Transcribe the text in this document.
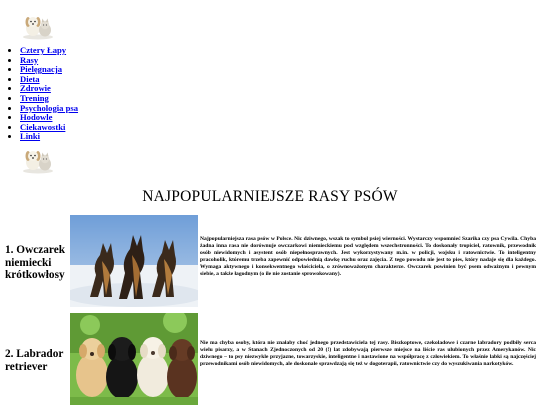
• Cztery Łapy
• Rasy
• Pielęgnacja
• Dieta
• Zdrowie
• Trening
• Psychologia psa
• Hodowle
• Ciekawostki
• Linki
NAJPOPULARNIEJSZE RASY PSÓW
1. Owczarek niemiecki krótkowłosy

Najpopularniejsza rasa psów w Polsce. Nic dziwnego, wszak to symbol psiej wierności. Wystarczy wspomnieć Szarika czy psa Cywila. Chyba żadna inna rasa nie dorównuje owczarkowi niemieckiemu pod względem wszechstronności. To doskonały tropiciel, ratownik, przewodnik osób niewidomych i asystent osób niepełnosprawnych. Jest wykorzystywany m.in. w policji, wojsku i ratownictwie. To inteligentny pracoholik, któremu trzeba zapewnić odpowiednią dawkę ruchu oraz zajęcia. Z tego powodu nie jest to pies, który nadaje się dla każdego. Wymaga aktywnego i konsekwentnego właściciela, o zrównoważonym charakterze. Owczarek powinien być psem odważnym i pewnym siebie, a także łagodnym (o ile nie zostanie sprowokowany).

2. Labrador retriever

Nie ma chyba osoby, która nie znałaby choć jednego przedstawiciela tej rasy. Biszkoptowe, czekoladowe i czarne labradory podbiły serca wielu pisarzy, a w Stanach Zjednoczonych od 20 (!) lat zdobywają pierwsze miejsce na liście ras ulubionych przez Amerykanów. Nic dziwnego – to psy niezwykle przyjazne, towarzyskie, inteligentne i nastawione na współpracę z człowiekiem. To właśnie labki są najczęściej przewodnikami osób niewidomych, ale doskonale sprawdzają się też w dogoterapii, ratownictwie czy do wyszukiwania narkotyków.
